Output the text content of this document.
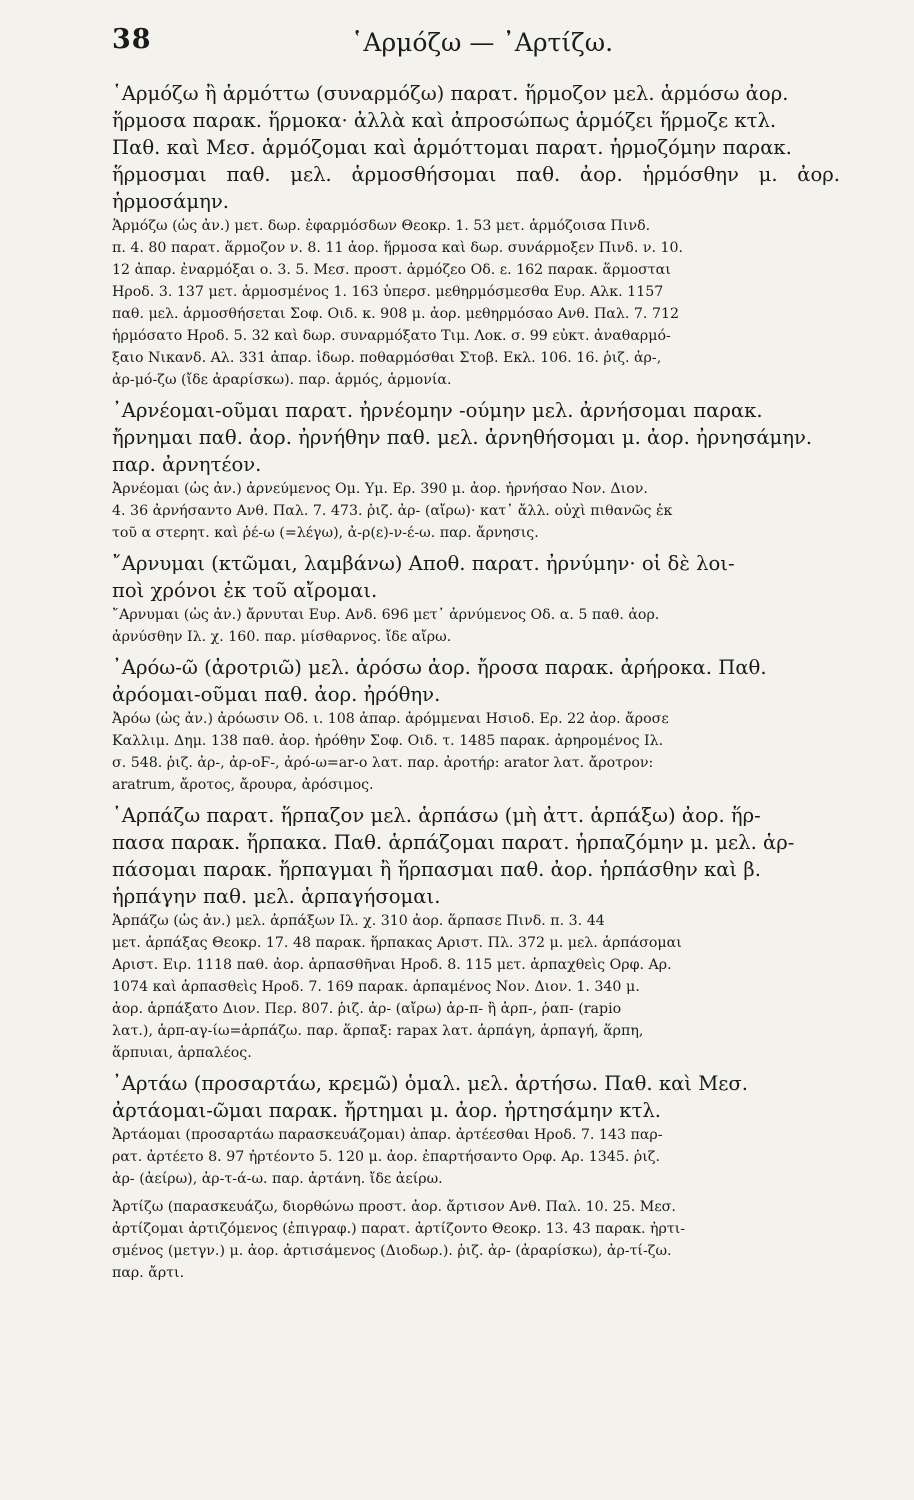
38	῾Αρμόζω — ᾽Αρτίζω.

῾Αρμόζω ἢ ἁρμόττω (συναρμόζω) παρατ. ἥρμοζον μελ. ἁρμόσω ἀορ.
ἥρμοσα παρακ. ἥρμοκα· ἀλλὰ καὶ ἀπροσώπως ἁρμόζει ἥρμοζε κτλ.
Παθ. καὶ Μεσ. ἁρμόζομαι καὶ ἁρμόττομαι παρατ. ἡρμοζόμην παρακ.
ἥρμοσμαι παθ. μελ. ἁρμοσθήσομαι παθ. ἀορ. ἡρμόσθην μ. ἀορ. ἡρμοσάμην.

Ἁρμόζω (ὡς ἀν.) μετ. δωρ. ἐφαρμόσδων Θεοκρ. 1. 53 μετ. ἁρμόζοισα Πινδ.
π. 4. 80 παρατ. ἅρμοζον ν. 8. 11 ἀορ. ἥρμοσα καὶ δωρ. συνάρμοξεν Πινδ. ν. 10.
12 ἀπαρ. ἐναρμόξαι ο. 3. 5. Μεσ. προστ. ἁρμόζεο Οδ. ε. 162 παρακ. ἅρμοσται
Ηροδ. 3. 137 μετ. ἁρμοσμένος 1. 163 ὑπερσ. μεθηρμόσμεσθα Ευρ. Αλκ. 1157
παθ. μελ. ἁρμοσθήσεται Σοφ. Οιδ. κ. 908 μ. ἀορ. μεθηρμόσαο Ανθ. Παλ. 7. 712
ἡρμόσατο Ηροδ. 5. 32 καὶ δωρ. συναρμόξατο Τιμ. Λοκ. σ. 99 εὐκτ. ἀναθαρμό-
ξαιο Νικανδ. Αλ. 331 ἀπαρ. ἰδωρ. ποθαρμόσθαι Στοβ. Εκλ. 106. 16. ῥιζ. ἀρ-,
ἀρ-μό-ζω (ἴδε ἀραρίσκω). παρ. ἁρμός, ἁρμονία.

᾽Αρνέομαι-οῦμαι παρατ. ἠρνέομην -ούμην μελ. ἀρνήσομαι παρακ.
ἤρνημαι παθ. ἀορ. ἠρνήθην παθ. μελ. ἀρνηθήσομαι μ. ἀορ. ἠρνησάμην.
παρ. ἀρνητέον.

Ἀρνέομαι (ὡς ἀν.) ἀρνεύμενος Ομ. Υμ. Ερ. 390 μ. ἀορ. ἠρνήσαο Νον. Διον.
4. 36 ἀρνήσαντο Ανθ. Παλ. 7. 473. ῥιζ. ἀρ- (αἴρω)· κατ᾽ ἄλλ. οὐχὶ πιθανῶς ἐκ
τοῦ α στερητ. καὶ ῥέ-ω (=λέγω), ἀ-ρ(ε)-ν-έ-ω. παρ. ἄρνησις.

῎Αρνυμαι (κτῶμαι, λαμβάνω) Αποθ. παρατ. ἠρνύμην· οἱ δὲ λοι-
ποὶ χρόνοι ἐκ τοῦ αἴρομαι.

῎Αρνυμαι (ὡς ἀν.) ἄρνυται Ευρ. Ανδ. 696 μετ᾽ ἀρνύμενος Οδ. α. 5 παθ. ἀορ.
ἀρνύσθην Ιλ. χ. 160. παρ. μίσθαρνος. ἴδε αἴρω.

᾽Αρόω-ῶ (ἀροτριῶ) μελ. ἀρόσω ἀορ. ἤροσα παρακ. ἀρήροκα. Παθ.
ἀρόομαι-οῦμαι παθ. ἀορ. ἠρόθην.

Ἀρόω (ὡς ἀν.) ἀρόωσιν Οδ. ι. 108 ἀπαρ. ἀρόμμεναι Ησιοδ. Ερ. 22 ἀορ. ἄροσε
Καλλιμ. Δημ. 138 παθ. ἀορ. ἠρόθην Σοφ. Οιδ. τ. 1485 παρακ. ἀρηρομένος Ιλ.
σ. 548. ῥιζ. ἀρ-, ἀρ-οϜ-, ἀρό-ω=ar-o λατ. παρ. ἀροτήρ: arator λατ. ἄροτρον:
aratrum, ἄροτος, ἄρουρα, ἀρόσιμος.

῾Αρπάζω παρατ. ἥρπαζον μελ. ἁρπάσω (μὴ ἀττ. ἁρπάξω) ἀορ. ἥρ-
πασα παρακ. ἥρπακα. Παθ. ἁρπάζομαι παρατ. ἡρπαζόμην μ. μελ. ἁρ-
πάσομαι παρακ. ἥρπαγμαι ἢ ἥρπασμαι παθ. ἀορ. ἡρπάσθην καὶ β.
ἡρπάγην παθ. μελ. ἁρπαγήσομαι.

Ἁρπάζω (ὡς ἀν.) μελ. ἁρπάξων Ιλ. χ. 310 ἀορ. ἅρπασε Πινδ. π. 3. 44
μετ. ἁρπάξας Θεοκρ. 17. 48 παρακ. ἥρπακας Αριστ. Πλ. 372 μ. μελ. ἁρπάσομαι
Αριστ. Ειρ. 1118 παθ. ἀορ. ἁρπασθῆναι Ηροδ. 8. 115 μετ. ἁρπαχθεὶς Ορφ. Αρ.
1074 καὶ ἁρπασθεὶς Ηροδ. 7. 169 παρακ. ἁρπαμένος Νον. Διον. 1. 340 μ.
ἀορ. ἁρπάξατο Διον. Περ. 807. ῥιζ. ἁρ- (αἴρω) ἁρ-π- ἢ ἁρπ-, ῥαπ- (rapio
λατ.), ἁρπ-αγ-ίω=ἁρπάζω. παρ. ἅρπαξ: rapax λατ. ἁρπάγη, ἁρπαγή, ἅρπη,
ἅρπυιαι, ἁρπαλέος.

᾽Αρτάω (προσαρτάω, κρεμῶ) ὁμαλ. μελ. ἀρτήσω. Παθ. καὶ Μεσ.
ἀρτάομαι-ῶμαι παρακ. ἤρτημαι μ. ἀορ. ἠρτησάμην κτλ.

Ἀρτάομαι (προσαρτάω παρασκευάζομαι) ἀπαρ. ἀρτέεσθαι Ηροδ. 7. 143 παρ-
ρατ. ἀρτέετο 8. 97 ἠρτέοντο 5. 120 μ. ἀορ. ἐπαρτήσαντο Ορφ. Αρ. 1345. ῥιζ.
ἀρ- (ἀείρω), ἀρ-τ-ά-ω. παρ. ἀρτάνη. ἴδε ἀείρω.

Ἀρτίζω (παρασκευάζω, διορθώνω προστ. ἀορ. ἄρτισον Ανθ. Παλ. 10. 25. Μεσ.
ἀρτίζομαι ἀρτιζόμενος (ἐπιγραφ.) παρατ. ἀρτίζοντο Θεοκρ. 13. 43 παρακ. ἠρτι-
σμένος (μετγν.) μ. ἀορ. ἀρτισάμενος (Διοδωρ.). ῥιζ. ἀρ- (ἀραρίσκω), ἀρ-τί-ζω.
παρ. ἄρτι.
